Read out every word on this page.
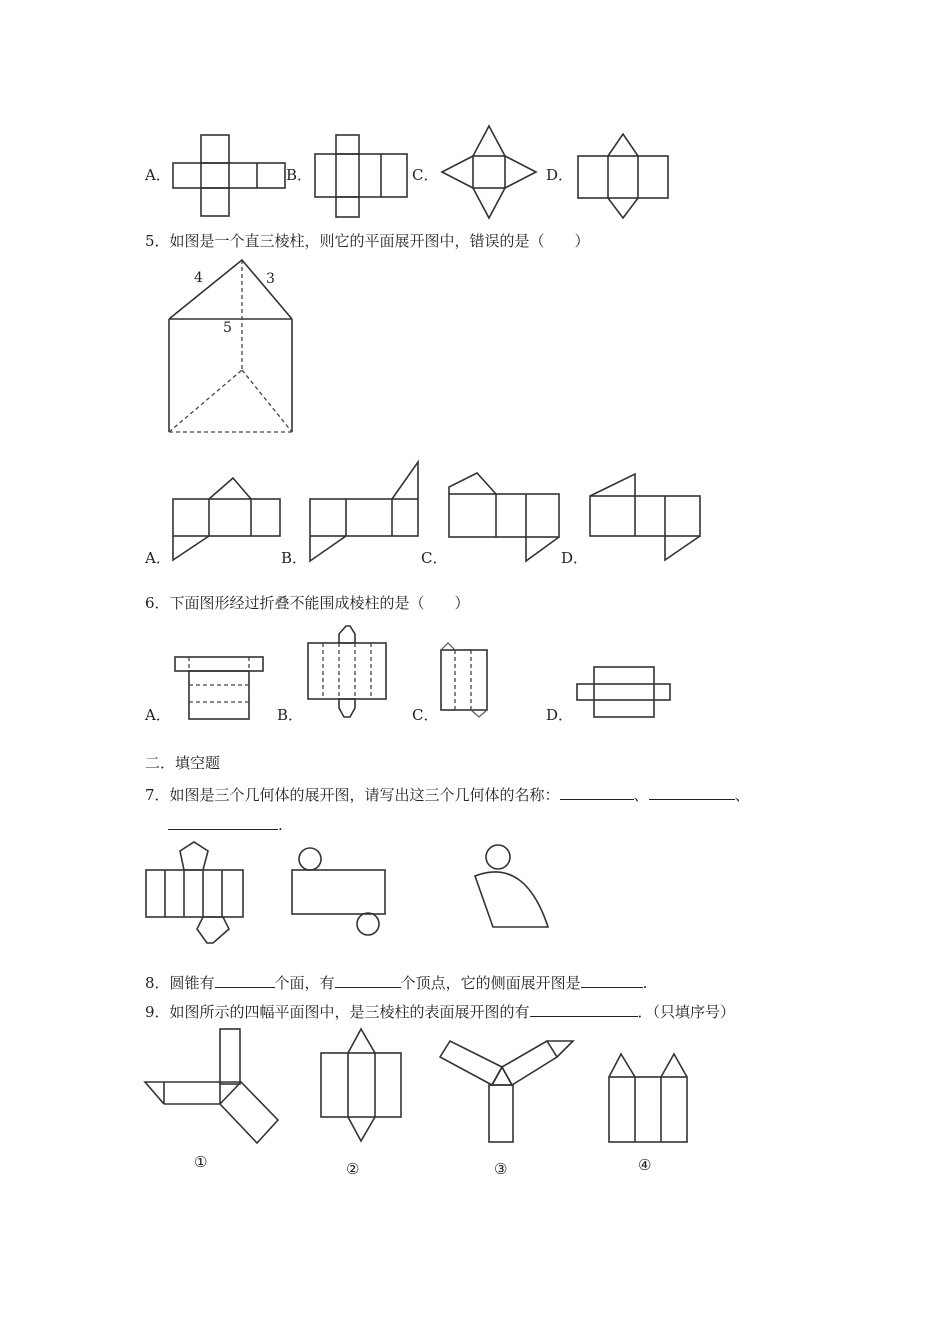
A．	B．	C．	D．
5．如图是一个直三棱柱，则它的平面展开图中，错误的是（　　）
4	3
5
A．	B．	C．	D．
6．下面图形经过折叠不能围成棱柱的是（　　）
A．	B．	C．	D．
二．填空题
7．如图是三个几何体的展开图，请写出这三个几何体的名称：	、	、
.
8．圆锥有	个面，有	个顶点，它的侧面展开图是	.
9．如图所示的四幅平面图中，是三棱柱的表面展开图的有	．（只填序号）
①	②	③	④
